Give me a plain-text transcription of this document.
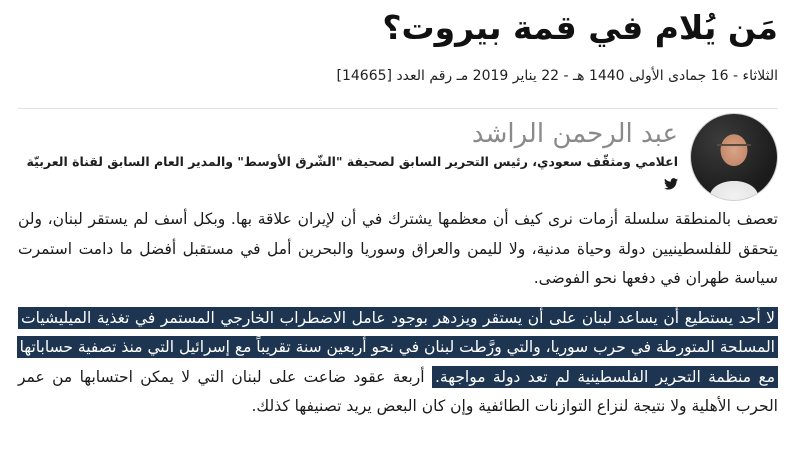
مَن يُلام في قمة بيروت؟
الثلاثاء - 16 جمادى الأولى 1440 هـ - 22 يناير 2019 مـ رقم العدد [14665]
عبد الرحمن الراشد
اعلامي ومثقّف سعودي، رئيس التحرير السابق لصحيفة "الشّرق الأوسط" والمدير العام السابق لقناة العربيّة

تعصف بالمنطقة سلسلة أزمات نرى كيف أن معظمها يشترك في أن لإيران علاقة بها. وبكل أسف لم يستقر لبنان، ولن يتحقق للفلسطينيين دولة وحياة مدنية، ولا لليمن والعراق وسوريا والبحرين أمل في مستقبل أفضل ما دامت استمرت سياسة طهران في دفعها نحو الفوضى.

لا أحد يستطيع أن يساعد لبنان على أن يستقر ويزدهر بوجود عامل الاضطراب الخارجي المستمر في تغذية الميليشيات المسلحة المتورطة في حرب سوريا، والتي ورَّطت لبنان في نحو أربعين سنة تقريباً مع إسرائيل التي منذ تصفية حساباتها مع منظمة التحرير الفلسطينية لم تعد دولة مواجهة. أربعة عقود ضاعت على لبنان التي لا يمكن احتسابها من عمر الحرب الأهلية ولا نتيجة لنزاع التوازنات الطائفية وإن كان البعض يريد تصنيفها كذلك.
